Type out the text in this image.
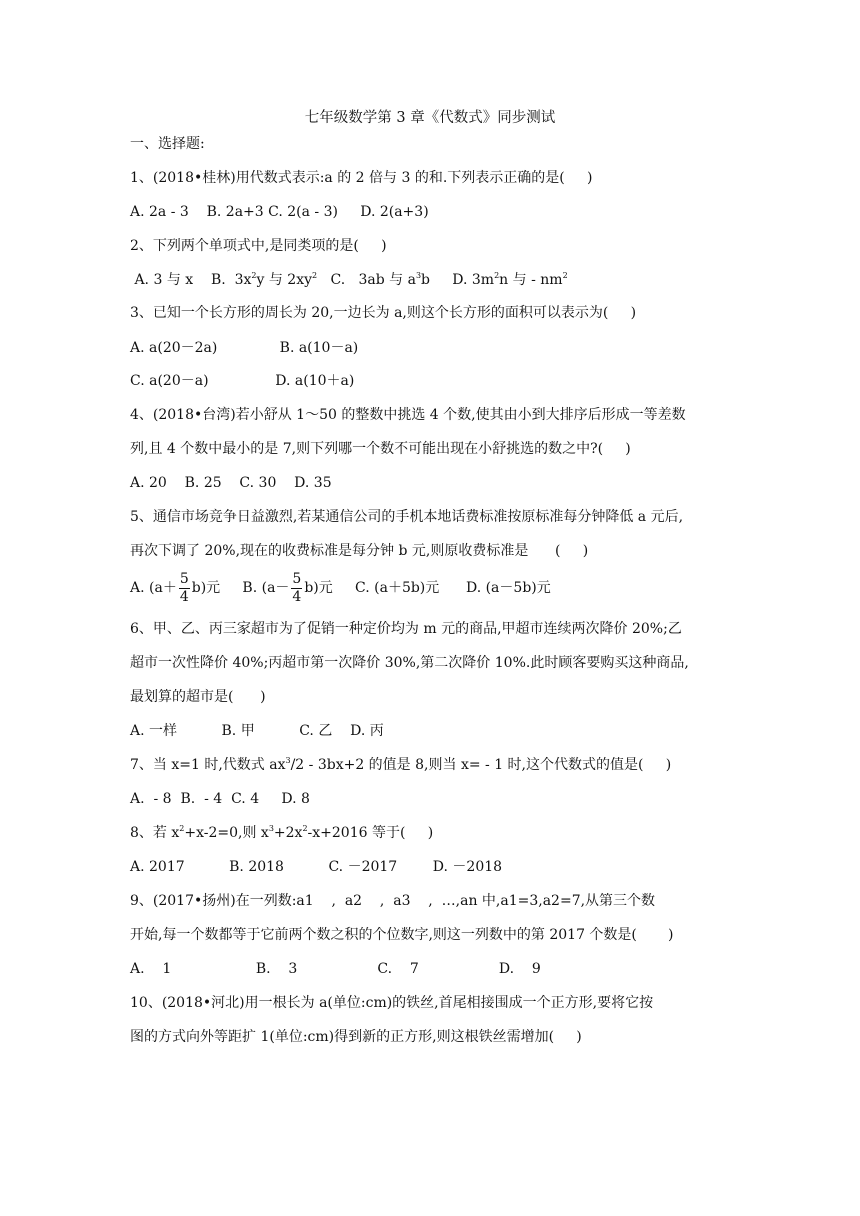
七年级数学第 3 章《代数式》同步测试
一、选择题:
1、(2018•桂林)用代数式表示:a 的 2 倍与 3 的和.下列表示正确的是(     )
A. 2a - 3    B. 2a+3 C. 2(a - 3)     D. 2(a+3)
2、下列两个单项式中,是同类项的是(     )
A. 3 与 x    B.  $3x^2y$ 与 $2xy^2$   C.   3ab 与 $a^3b$     D. $3m^2n$ 与 - $nm^2$
3、已知一个长方形的周长为 20,一边长为 a,则这个长方形的面积可以表示为(     )
A. a(20－2a)              B. a(10－a)
C. a(20－a)               D. a(10＋a)
4、(2018•台湾)若小舒从 1～50 的整数中挑选 4 个数,使其由小到大排序后形成一等差数
列,且 4 个数中最小的是 7,则下列哪一个数不可能出现在小舒挑选的数之中?(     )
A. 20    B. 25    C. 30    D. 35
5、通信市场竞争日益激烈,若某通信公司的手机本地话费标准按原标准每分钟降低 a 元后,
再次下调了 20%,现在的收费标准是每分钟 b 元,则原收费标准是      (     )
A. $(a+ \frac{5}{4} b)$元     B. $(a- \frac{5}{4} b)$元     C. (a＋5b)元      D. (a－5b)元
6、甲、乙、丙三家超市为了促销一种定价均为 m 元的商品,甲超市连续两次降价 20%;乙
超市一次性降价 40%;丙超市第一次降价 30%,第二次降价 10%.此时顾客要购买这种商品,
最划算的超市是(      )
A. 一样          B. 甲          C. 乙    D. 丙
7、当 x=1 时,代数式 $ax^3/2 - 3bx+2$ 的值是 8,则当 x= - 1 时,这个代数式的值是(     )
A.  - 8  B.  - 4  C. 4     D. 8
8、若 $x^2+x-2=0$,则 $x^3+2x^2-x+2016$ 等于(     )
A. 2017          B. 2018          C. －2017        D. －2018
9、(2017•扬州)在一列数:a1    ,  a2    ,  a3    ,  …,an 中,a1=3,a2=7,从第三个数
开始,每一个数都等于它前两个数之积的个位数字,则这一列数中的第 2017 个数是(       )
A.    1                   B.    3                  C.    7                  D.    9
10、(2018•河北)用一根长为 a(单位:cm)的铁丝,首尾相接围成一个正方形,要将它按
图的方式向外等距扩 1(单位:cm)得到新的正方形,则这根铁丝需增加(     )
